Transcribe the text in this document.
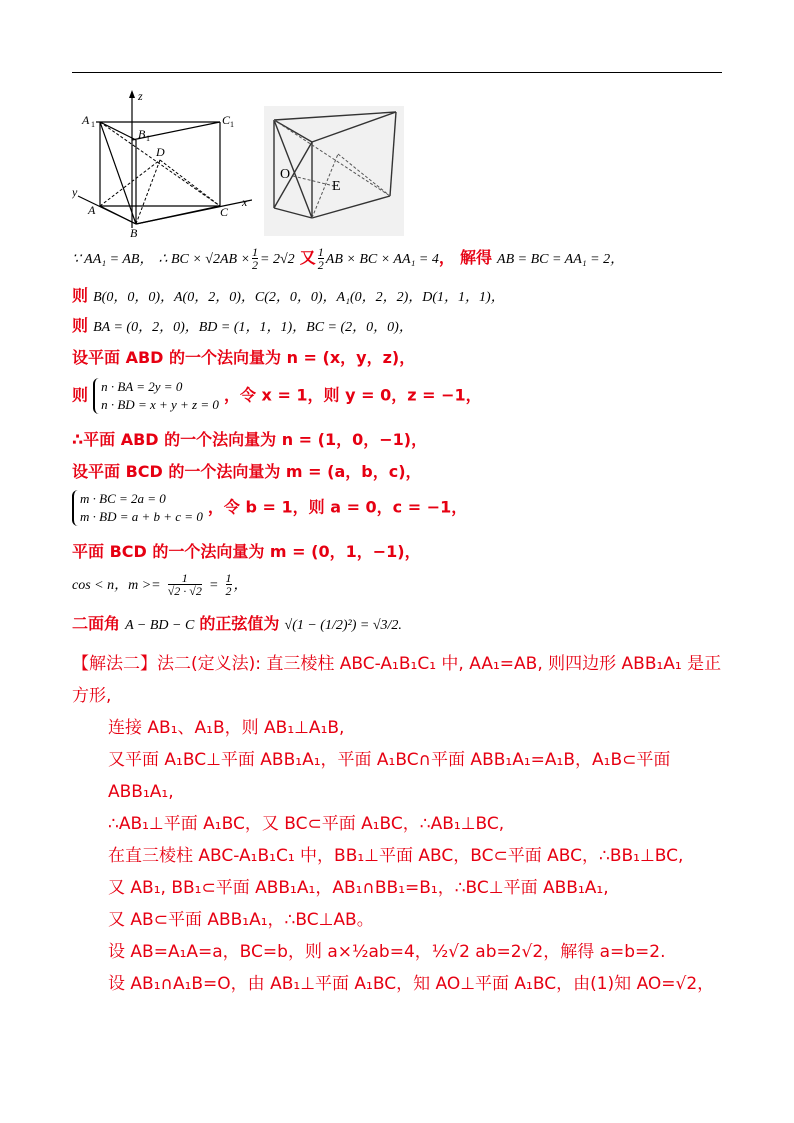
A 1
B 1
C 1
D
A
B
C
x
y
z
O
E
∵ AA₁ = AB， ∴ BC × $√2AB \times \frac{1}{2} = 2√2$ 又 $\frac{1}{2}$ AB × BC × AA₁ = 4， 解得 AB = BC = AA₁ = 2，
则 B(0，0，0)，A(0，2，0)，C(2，0，0)，A₁(0，2，2)，D(1，1，1)，
则 BA = (0，2，0)，BD = (1，1，1)，BC = (2，0，0)，
设平面 ABD 的一个法向量为 n = (x，y，z)，
则 n · BA = 2y = 0
n · BD = x + y + z = 0 ，令 x = 1，则 y = 0，z = −1，
∴平面 ABD 的一个法向量为 n = (1，0，−1)，
设平面 BCD 的一个法向量为 m = (a，b，c)，
m · BC = 2a = 0
m · BD = a + b + c = 0 ，令 b = 1，则 a = 0，c = −1，
平面 BCD 的一个法向量为 m = (0，1，−1)，
cos < n，$m >= \frac{1}{√2 \cdot √2} = \frac{1}{2}$ ，
二面角 A − BD − C 的正弦值为 √(1 − (1/2)²) = √3/2.
【解法二】法二(定义法): 直三棱柱 ABC-A₁B₁C₁ 中, AA₁=AB, 则四边形 ABB₁A₁ 是正方形,
连接 AB₁、A₁B，则 AB₁⊥A₁B,
又平面 A₁BC⊥平面 ABB₁A₁，平面 A₁BC∩平面 ABB₁A₁=A₁B，A₁B⊂平面 ABB₁A₁,
∴AB₁⊥平面 A₁BC，又 BC⊂平面 A₁BC，∴AB₁⊥BC,
在直三棱柱 ABC-A₁B₁C₁ 中，BB₁⊥平面 ABC，BC⊂平面 ABC，∴BB₁⊥BC,
又 AB₁, BB₁⊂平面 ABB₁A₁，AB₁∩BB₁=B₁，∴BC⊥平面 ABB₁A₁,
又 AB⊂平面 ABB₁A₁，∴BC⊥AB。
设 AB=A₁A=a，BC=b，则 a×½ab=4，½√2 ab=2√2，解得 a=b=2.
设 AB₁∩A₁B=O，由 AB₁⊥平面 A₁BC，知 AO⊥平面 A₁BC，由(1)知 AO=√2，
